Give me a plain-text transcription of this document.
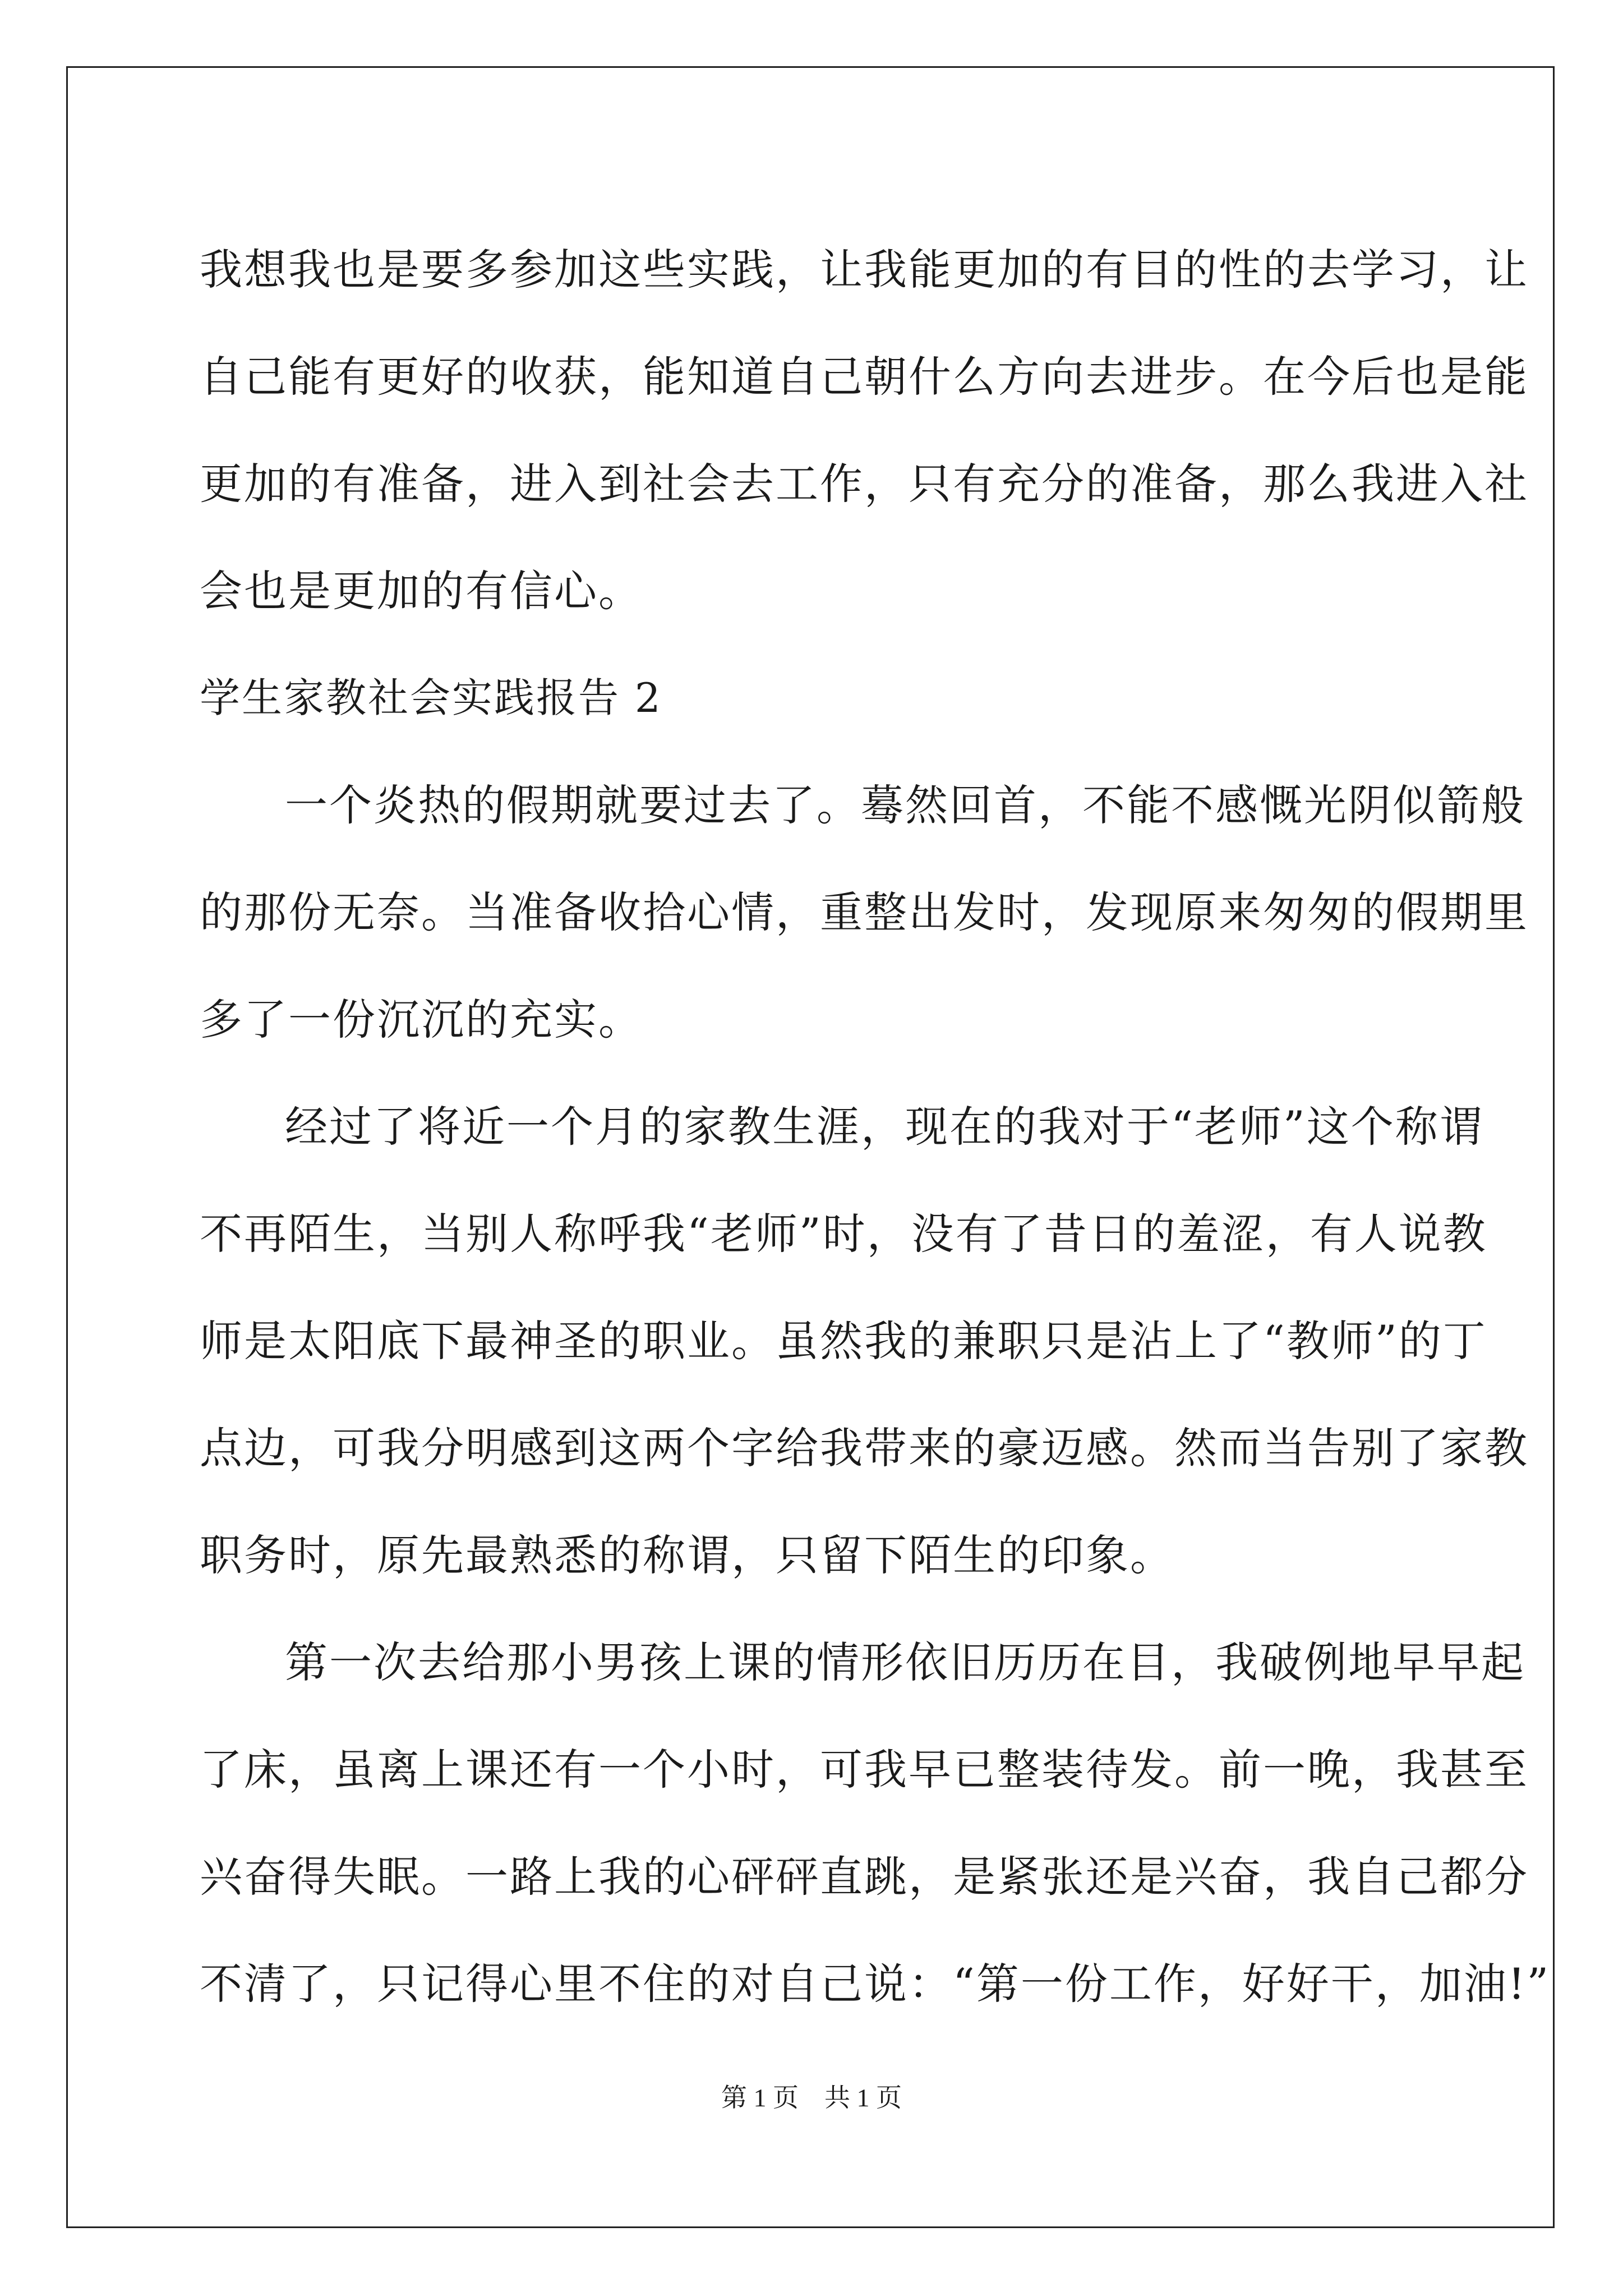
我想我也是要多参加这些实践，让我能更加的有目的性的去学习，让
自己能有更好的收获，能知道自己朝什么方向去进步。在今后也是能
更加的有准备，进入到社会去工作，只有充分的准备，那么我进入社
会也是更加的有信心。
学生家教社会实践报告 2
一个炎热的假期就要过去了。蓦然回首，不能不感慨光阴似箭般
的那份无奈。当准备收拾心情，重整出发时，发现原来匆匆的假期里
多了一份沉沉的充实。
经过了将近一个月的家教生涯，现在的我对于“老师”这个称谓
不再陌生，当别人称呼我“老师”时，没有了昔日的羞涩，有人说教
师是太阳底下最神圣的职业。虽然我的兼职只是沾上了“教师”的丁
点边，可我分明感到这两个字给我带来的豪迈感。然而当告别了家教
职务时，原先最熟悉的称谓，只留下陌生的印象。
第一次去给那小男孩上课的情形依旧历历在目，我破例地早早起
了床，虽离上课还有一个小时，可我早已整装待发。前一晚，我甚至
兴奋得失眠。一路上我的心砰砰直跳，是紧张还是兴奋，我自己都分
不清了，只记得心里不住的对自己说：“第一份工作，好好干，加油!”
第 1 页　共 1 页
